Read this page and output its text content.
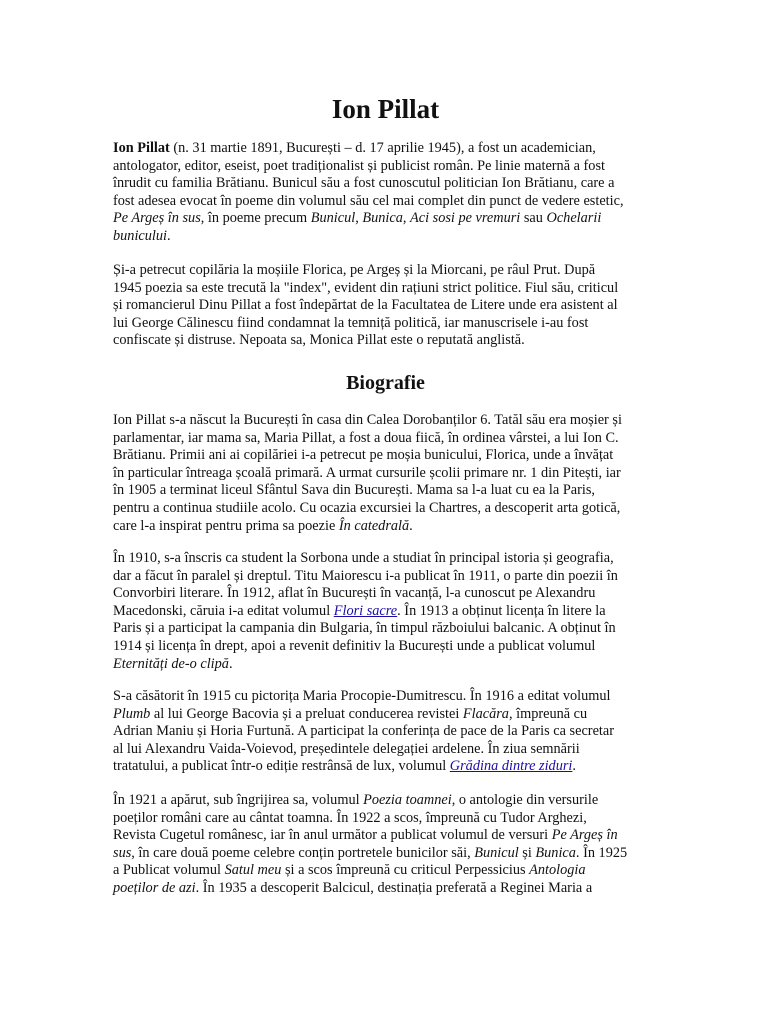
Ion Pillat
Ion Pillat (n. 31 martie 1891, București – d. 17 aprilie 1945), a fost un academician,
antologator, editor, eseist, poet tradiționalist și publicist român. Pe linie maternă a fost
înrudit cu familia Brătianu. Bunicul său a fost cunoscutul politician Ion Brătianu, care a
fost adesea evocat în poeme din volumul său cel mai complet din punct de vedere estetic,
Pe Argeș în sus, în poeme precum Bunicul, Bunica, Aci sosi pe vremuri sau Ochelarii
bunicului.
Și-a petrecut copilăria la moșiile Florica, pe Argeș și la Miorcani, pe râul Prut. După
1945 poezia sa este trecută la "index", evident din rațiuni strict politice. Fiul său, criticul
și romancierul Dinu Pillat a fost îndepărtat de la Facultatea de Litere unde era asistent al
lui George Călinescu fiind condamnat la temniță politică, iar manuscrisele i-au fost
confiscate și distruse. Nepoata sa, Monica Pillat este o reputată anglistă.
Biografie
Ion Pillat s-a născut la București în casa din Calea Dorobanților 6. Tatăl său era moșier și
parlamentar, iar mama sa, Maria Pillat, a fost a doua fiică, în ordinea vârstei, a lui Ion C.
Brătianu. Primii ani ai copilăriei i-a petrecut pe moșia bunicului, Florica, unde a învățat
în particular întreaga școală primară. A urmat cursurile școlii primare nr. 1 din Pitești, iar
în 1905 a terminat liceul Sfântul Sava din București. Mama sa l-a luat cu ea la Paris,
pentru a continua studiile acolo. Cu ocazia excursiei la Chartres, a descoperit arta gotică,
care l-a inspirat pentru prima sa poezie În catedrală.
În 1910, s-a înscris ca student la Sorbona unde a studiat în principal istoria și geografia,
dar a făcut în paralel și dreptul. Titu Maiorescu i-a publicat în 1911, o parte din poezii în
Convorbiri literare. În 1912, aflat în București în vacanță, l-a cunoscut pe Alexandru
Macedonski, căruia i-a editat volumul Flori sacre. În 1913 a obținut licența în litere la
Paris și a participat la campania din Bulgaria, în timpul războiului balcanic. A obținut în
1914 și licența în drept, apoi a revenit definitiv la București unde a publicat volumul
Eternități de-o clipă.
S-a căsătorit în 1915 cu pictorița Maria Procopie-Dumitrescu. În 1916 a editat volumul
Plumb al lui George Bacovia și a preluat conducerea revistei Flacăra, împreună cu
Adrian Maniu și Horia Furtună. A participat la conferința de pace de la Paris ca secretar
al lui Alexandru Vaida-Voievod, președintele delegației ardelene. În ziua semnării
tratatului, a publicat într-o ediție restrânsă de lux, volumul Grădina dintre ziduri.
În 1921 a apărut, sub îngrijirea sa, volumul Poezia toamnei, o antologie din versurile
poeților români care au cântat toamna. În 1922 a scos, împreună cu Tudor Arghezi,
Revista Cugetul românesc, iar în anul următor a publicat volumul de versuri Pe Argeș în
sus, în care două poeme celebre conțin portretele bunicilor săi, Bunicul și Bunica. În 1925
a Publicat volumul Satul meu și a scos împreună cu criticul Perpessicius Antologia
poeților de azi. În 1935 a descoperit Balcicul, destinația preferată a Reginei Maria a
